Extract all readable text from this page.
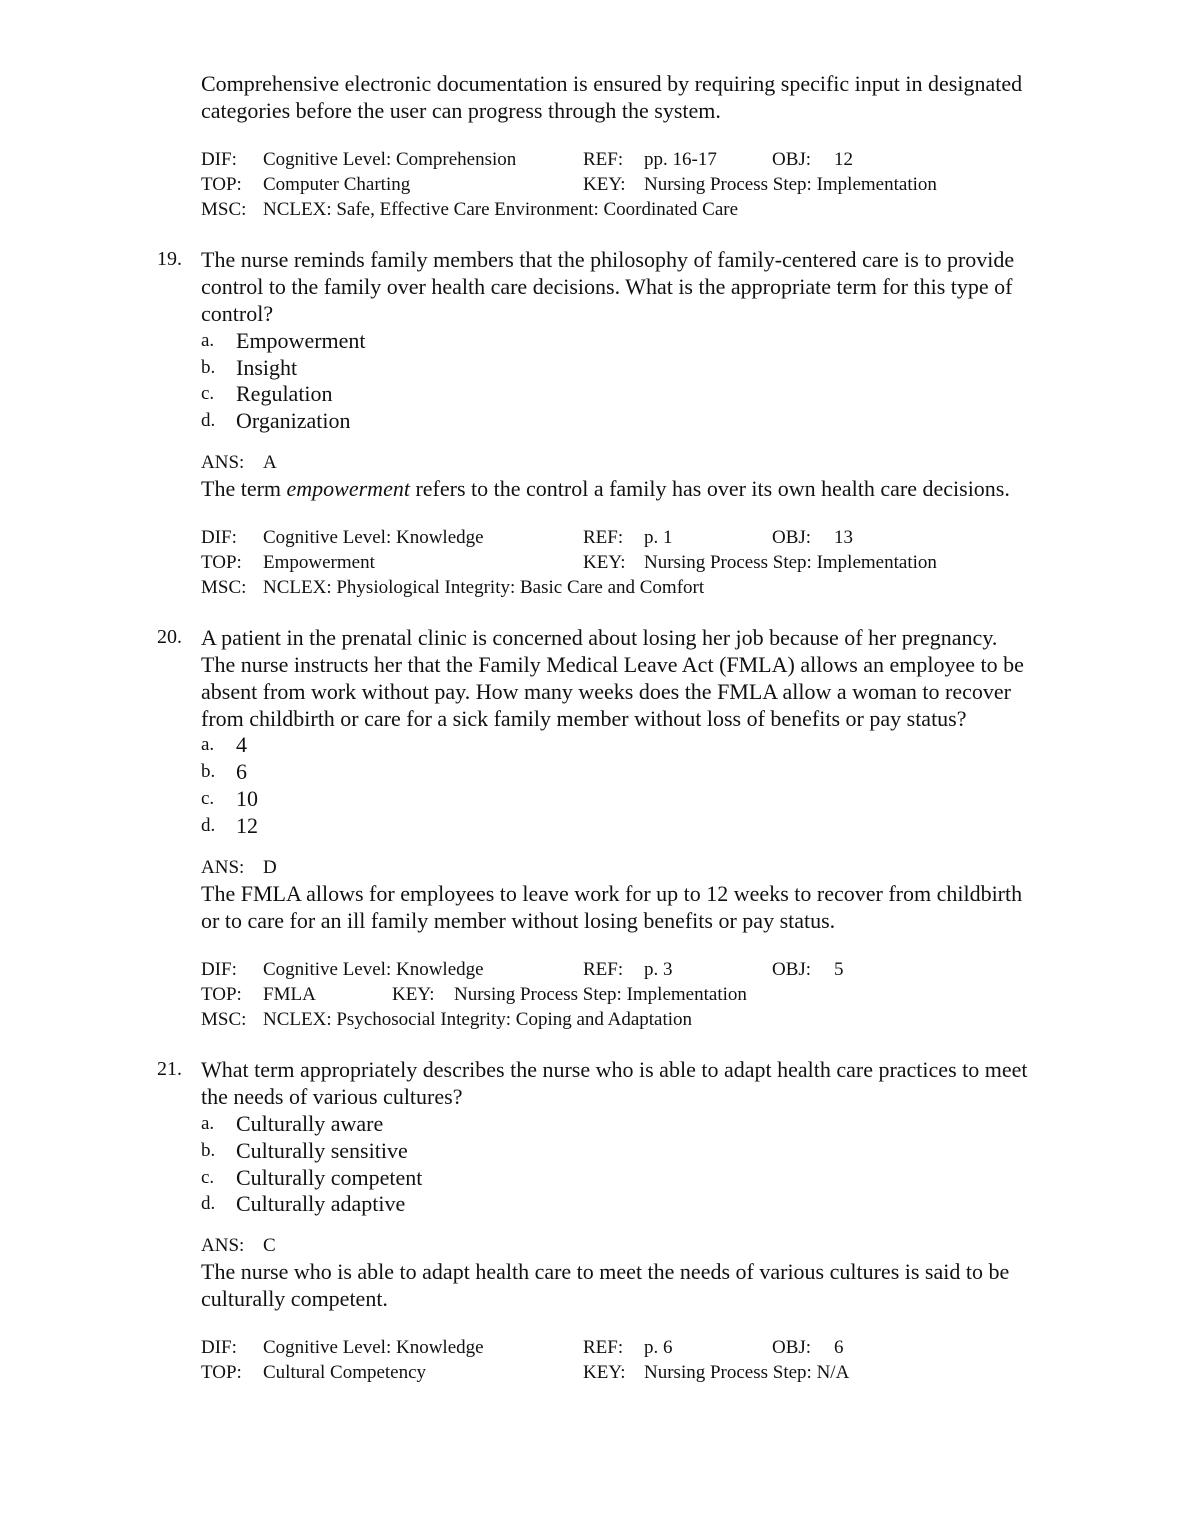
Comprehensive electronic documentation is ensured by requiring specific input in designated
categories before the user can progress through the system.
DIF: Cognitive Level: Comprehension	REF: pp. 16-17	OBJ: 12
TOP: Computer Charting	KEY: Nursing Process Step: Implementation
MSC: NCLEX: Safe, Effective Care Environment: Coordinated Care
19. The nurse reminds family members that the philosophy of family-centered care is to provide
control to the family over health care decisions. What is the appropriate term for this type of
control?
a. Empowerment
b. Insight
c. Regulation
d. Organization
ANS: A
The term empowerment refers to the control a family has over its own health care decisions.
DIF: Cognitive Level: Knowledge	REF: p. 1	OBJ: 13
TOP: Empowerment	KEY: Nursing Process Step: Implementation
MSC: NCLEX: Physiological Integrity: Basic Care and Comfort
20. A patient in the prenatal clinic is concerned about losing her job because of her pregnancy.
The nurse instructs her that the Family Medical Leave Act (FMLA) allows an employee to be
absent from work without pay. How many weeks does the FMLA allow a woman to recover
from childbirth or care for a sick family member without loss of benefits or pay status?
a. 4
b. 6
c. 10
d. 12
ANS: D
The FMLA allows for employees to leave work for up to 12 weeks to recover from childbirth
or to care for an ill family member without losing benefits or pay status.
DIF: Cognitive Level: Knowledge	REF: p. 3	OBJ: 5
TOP: FMLA	KEY: Nursing Process Step: Implementation
MSC: NCLEX: Psychosocial Integrity: Coping and Adaptation
21. What term appropriately describes the nurse who is able to adapt health care practices to meet
the needs of various cultures?
a. Culturally aware
b. Culturally sensitive
c. Culturally competent
d. Culturally adaptive
ANS: C
The nurse who is able to adapt health care to meet the needs of various cultures is said to be
culturally competent.
DIF: Cognitive Level: Knowledge	REF: p. 6	OBJ: 6
TOP: Cultural Competency	KEY: Nursing Process Step: N/A
